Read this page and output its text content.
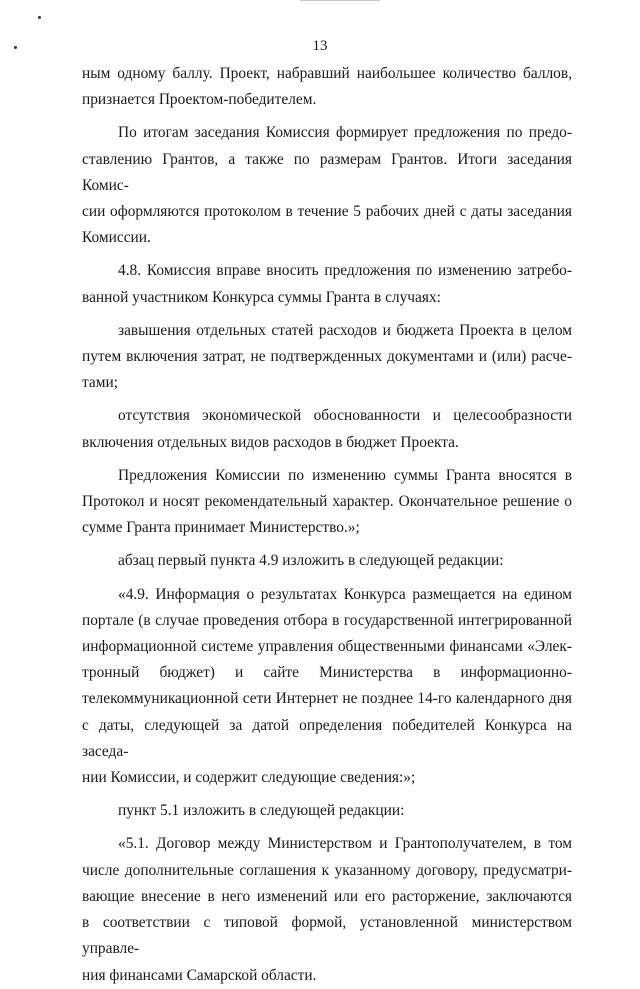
13

ным одному баллу. Проект, набравший наибольшее количество баллов,

признается Проектом-победителем.

По итогам заседания Комиссия формирует предложения по предо-

ставлению Грантов, а также по размерам Грантов. Итоги заседания Комис-

сии оформляются протоколом в течение 5 рабочих дней с даты заседания

Комиссии.

4.8. Комиссия вправе вносить предложения по изменению затребо-

ванной участником Конкурса суммы Гранта в случаях:

завышения отдельных статей расходов и бюджета Проекта в целом

путем включения затрат, не подтвержденных документами и (или) расче-

тами;

отсутствия экономической обоснованности и целесообразности

включения отдельных видов расходов в бюджет Проекта.

Предложения Комиссии по изменению суммы Гранта вносятся в

Протокол и носят рекомендательный характер. Окончательное решение о

сумме Гранта принимает Министерство.»;

абзац первый пункта 4.9 изложить в следующей редакции:

«4.9. Информация о результатах Конкурса размещается на едином

портале (в случае проведения отбора в государственной интегрированной

информационной системе управления общественными финансами «Элек-

тронный бюджет) и сайте Министерства в информационно-

телекоммуникационной сети Интернет не позднее 14-го календарного дня

с даты, следующей за датой определения победителей Конкурса на заседа-

нии Комиссии, и содержит следующие сведения:»;

пункт 5.1 изложить в следующей редакции:

«5.1. Договор между Министерством и Грантополучателем, в том

числе дополнительные соглашения к указанному договору, предусматри-

вающие внесение в него изменений или его расторжение, заключаются

в соответствии с типовой формой, установленной министерством управле-

ния финансами Самарской области.
